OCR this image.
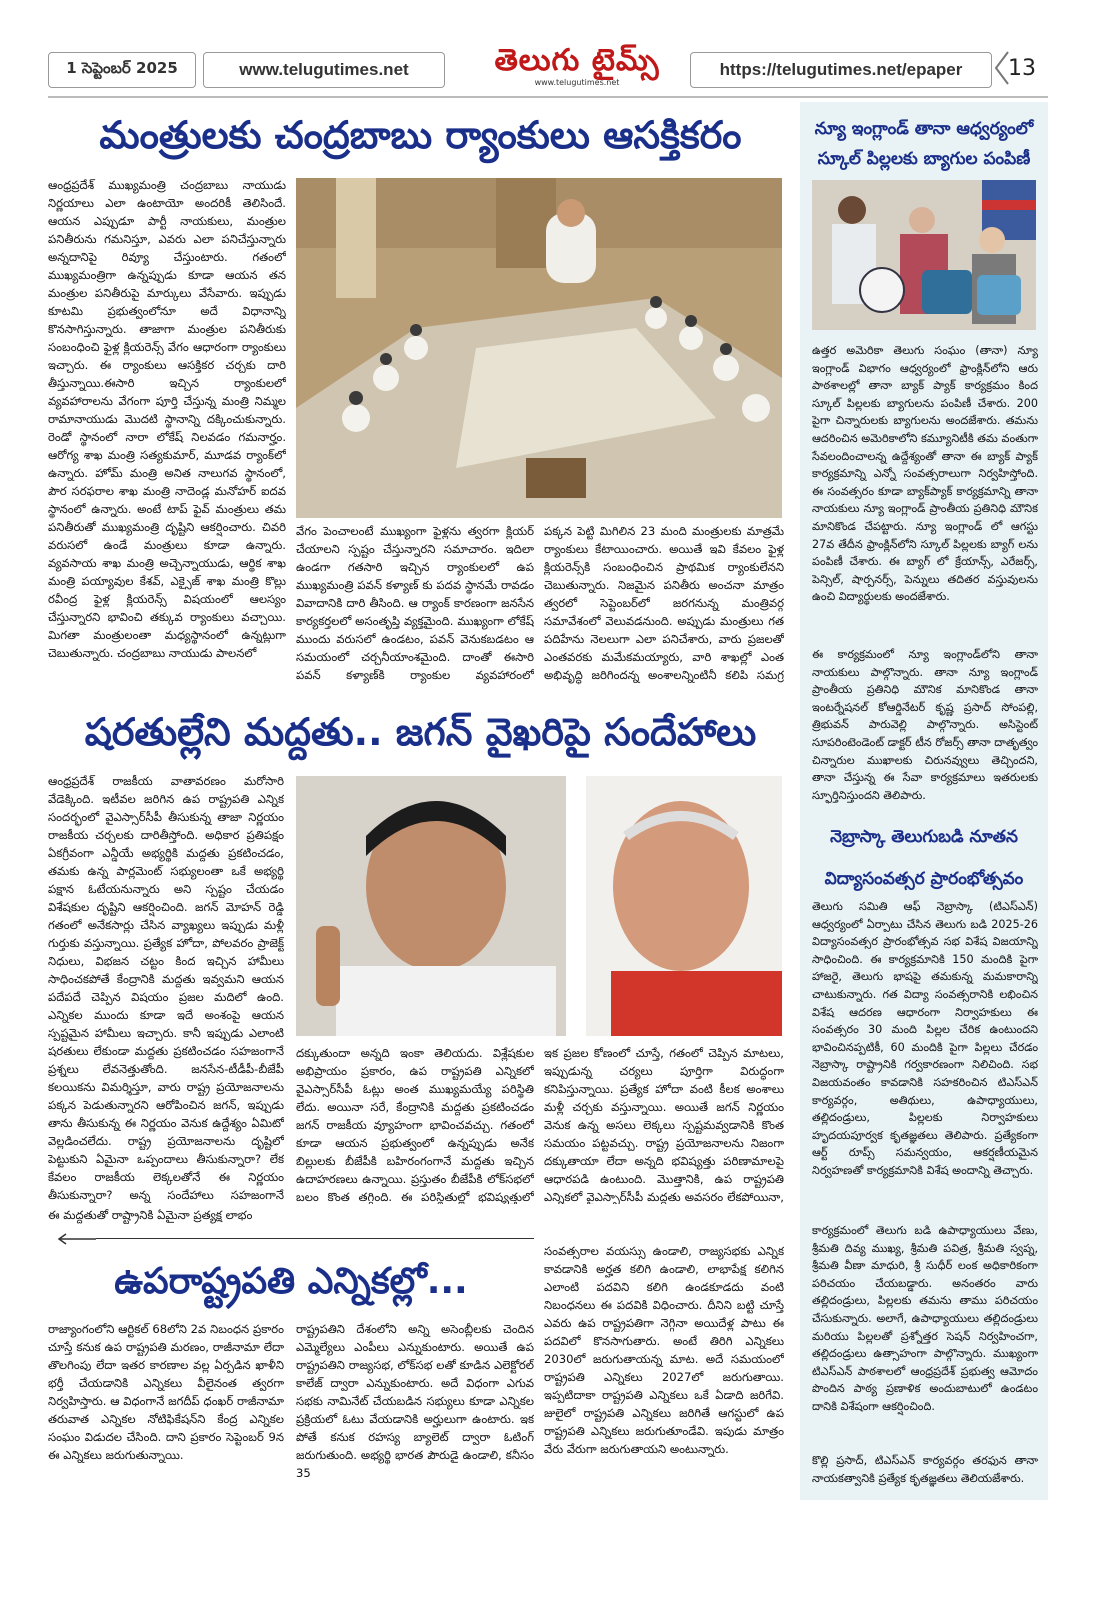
1 సెప్టెంబర్ 2025	www.telugutimes.net	తెలుగు టైమ్స్
www.telugutimes.net
https://telugutimes.net/epaper	13
మంత్రులకు చంద్రబాబు ర్యాంకులు ఆసక్తికరం
ఆంధ్రప్రదేశ్ ముఖ్యమంత్రి చంద్రబాబు నాయుడు నిర్ణయాలు ఎలా ఉంటాయో అందరికీ తెలిసిందే. ఆయన ఎప్పుడూ పార్టీ నాయకులు, మంత్రుల పనితీరును గమనిస్తూ, ఎవరు ఎలా పనిచేస్తున్నారు అన్నదానిపై రివ్యూ చేస్తుంటారు. గతంలో ముఖ్యమంత్రిగా ఉన్నప్పుడు కూడా ఆయన తన మంత్రుల పనితీరుపై మార్కులు వేసేవారు. ఇప్పుడు కూటమి ప్రభుత్వంలోనూ అదే విధానాన్ని కొనసాగిస్తున్నారు. తాజాగా మంత్రుల పనితీరుకు సంబంధించి ఫైళ్ల క్లియరెన్స్ వేగం ఆధారంగా ర్యాంకులు ఇచ్చారు. ఈ ర్యాంకులు ఆసక్తికర చర్చకు దారి తీస్తున్నాయి.ఈసారి ఇచ్చిన ర్యాంకులలో వ్యవహారాలను వేగంగా పూర్తి చేస్తున్న మంత్రి నిమ్మల రామానాయుడు మొదటి స్థానాన్ని దక్కించుకున్నారు. రెండో స్థానంలో నారా లోకేష్ నిలవడం గమనార్హం. ఆరోగ్య శాఖ మంత్రి సత్యకుమార్, మూడవ ర్యాంక్‌లో ఉన్నారు. హోమ్ మంత్రి అనిత నాలుగవ స్థానంలో, పౌర సరఫరాల శాఖ మంత్రి నాదెండ్ల మనోహర్ ఐదవ స్థానంలో ఉన్నారు. అంటే టాప్ ఫైవ్ మంత్రులు తమ పనితీరుతో ముఖ్యమంత్రి దృష్టిని ఆకర్షించారు. చివరి వరుసలో ఉండే మంత్రులు కూడా ఉన్నారు. వ్యవసాయ శాఖ మంత్రి అచ్చెన్నాయుడు, ఆర్థిక శాఖ మంత్రి పయ్యావుల కేశవ్, ఎక్సైజ్ శాఖ మంత్రి కొల్లు రవీంద్ర ఫైళ్ల క్లియరెన్స్ విషయంలో ఆలస్యం చేస్తున్నారని భావించి తక్కువ ర్యాంకులు వచ్చాయి. మిగతా మంత్రులంతా మధ్యస్థానంలో ఉన్నట్లుగా చెబుతున్నారు. చంద్రబాబు నాయుడు పాలనలో
వేగం పెంచాలంటే ముఖ్యంగా ఫైళ్లను త్వరగా క్లియర్ చేయాలని స్పష్టం చేస్తున్నారని సమాచారం. ఇదిలా ఉండగా గతసారి ఇచ్చిన ర్యాంకులలో ఉప ముఖ్యమంత్రి పవన్ కళ్యాణ్ కు పదవ స్థానమే రావడం వివాదానికి దారి తీసింది. ఆ ర్యాంక్ కారణంగా జనసేన కార్యకర్తలలో అసంతృప్తి వ్యక్తమైంది. ముఖ్యంగా లోకేష్ ముందు వరుసలో ఉండటం, పవన్ వెనుకబడటం ఆ సమయంలో చర్చనీయాంశమైంది. దాంతో ఈసారి పవన్ కళ్యాణ్‌కి ర్యాంకుల వ్యవహారంలో
పక్కన పెట్టి మిగిలిన 23 మంది మంత్రులకు మాత్రమే ర్యాంకులు కేటాయించారు. అయితే ఇవి కేవలం ఫైళ్ల క్లియరెన్స్‌కి సంబంధించిన ప్రాథమిక ర్యాంకులేనని చెబుతున్నారు. నిజమైన పనితీరు అంచనా మాత్రం త్వరలో సెప్టెంబర్‌లో జరగనున్న మంత్రివర్గ సమావేశంలో వెలువడనుంది. అప్పుడు మంత్రులు గత పదిహేను నెలలుగా ఎలా పనిచేశారు, వారు ప్రజలతో ఎంతవరకు మమేకమయ్యారు, వారి శాఖల్లో ఎంత అభివృద్ధి జరిగిందన్న అంశాలన్నింటినీ కలిపి సమగ్ర
షరతుల్లేని మద్దతు.. జగన్ వైఖరిపై సందేహాలు
ఆంధ్రప్రదేశ్ రాజకీయ వాతావరణం మరోసారి వేడెక్కింది. ఇటీవల జరిగిన ఉప రాష్ట్రపతి ఎన్నిక సందర్భంలో వైఎస్సార్‌సీపీ తీసుకున్న తాజా నిర్ణయం రాజకీయ చర్చలకు దారితీస్తోంది. అధికార ప్రతిపక్షం ఏకగ్రీవంగా ఎన్డీయే అభ్యర్థికి మద్దతు ప్రకటించడం, తమకు ఉన్న పార్లమెంట్ సభ్యులంతా ఒకే అభ్యర్థి పక్షాన ఓటేయనున్నారు అని స్పష్టం చేయడం విశేషకుల దృష్టిని ఆకర్షించింది. జగన్ మోహన్ రెడ్డి గతంలో అనేకసార్లు చేసిన వ్యాఖ్యలు ఇప్పుడు మళ్లీ గుర్తుకు వస్తున్నాయి. ప్రత్యేక హోదా, పోలవరం ప్రాజెక్ట్ నిధులు, విభజన చట్టం కింద ఇచ్చిన హామీలు సాధించకపోతే కేంద్రానికి మద్దతు ఇవ్వమని ఆయన పదేపదే చెప్పిన విషయం ప్రజల మదిలో ఉంది. ఎన్నికల ముందు కూడా ఇదే అంశంపై ఆయన స్పష్టమైన హామీలు ఇచ్చారు. కానీ ఇప్పుడు ఎలాంటి షరతులు లేకుండా మద్దతు ప్రకటించడం సహజంగానే ప్రశ్నలు లేవనెత్తుతోంది. జనసేన-టీడీపీ-బీజేపీ కలయికను విమర్శిస్తూ, వారు రాష్ట్ర ప్రయోజనాలను పక్కన పెడుతున్నారని ఆరోపించిన జగన్, ఇప్పుడు తాను తీసుకున్న ఈ నిర్ణయం వెనుక ఉద్దేశ్యం ఏమిటో వెల్లడించలేదు. రాష్ట్ర ప్రయోజనాలను దృష్టిలో పెట్టుకుని ఏమైనా ఒప్పందాలు తీసుకున్నారా? లేక కేవలం రాజకీయ లెక్కలతోనే ఈ నిర్ణయం తీసుకున్నారా? అన్న సందేహాలు సహజంగానే
దక్కుతుందా అన్నది ఇంకా తెలియదు. విశ్లేషకుల అభిప్రాయం ప్రకారం, ఉప రాష్ట్రపతి ఎన్నికలో వైఎస్సార్‌సీపీ ఓట్లు అంత ముఖ్యమయ్యే పరిస్థితి లేదు. అయినా సరే, కేంద్రానికి మద్దతు ప్రకటించడం జగన్ రాజకీయ వ్యూహంగా భావించవచ్చు. గతంలో కూడా ఆయన ప్రభుత్వంలో ఉన్నప్పుడు అనేక బిల్లులకు బీజేపీకి బహిరంగంగానే మద్దతు ఇచ్చిన ఉదాహరణలు ఉన్నాయి. ప్రస్తుతం బీజేపీకి లోక్‌సభలో బలం కొంత తగ్గింది. ఈ పరిస్థితుల్లో భవిష్యత్తులో
ఇక ప్రజల కోణంలో చూస్తే, గతంలో చెప్పిన మాటలు, ఇప్పుడున్న చర్యలు పూర్తిగా విరుద్ధంగా కనిపిస్తున్నాయి. ప్రత్యేక హోదా వంటి కీలక అంశాలు మళ్లీ చర్చకు వస్తున్నాయి. అయితే జగన్ నిర్ణయం వెనుక ఉన్న అసలు లెక్కలు స్పష్టమవ్వడానికి కొంత సమయం పట్టవచ్చు. రాష్ట్ర ప్రయోజనాలను నిజంగా దక్కుతాయా లేదా అన్నది భవిష్యత్తు పరిణామాలపై ఆధారపడి ఉంటుంది. మొత్తానికి, ఉప రాష్ట్రపతి ఎన్నికలో వైఎస్సార్‌సీపీ మద్దతు అవసరం లేకపోయినా,
ఈ మద్దతుతో రాష్ట్రానికి ఏమైనా ప్రత్యక్ష లాభం
ఉపరాష్ట్రపతి ఎన్నికల్లో...
రాజ్యాంగంలోని ఆర్టికల్ 68లోని 2వ నిబంధన ప్రకారం చూస్తే కనుక ఉప రాష్ట్రపతి మరణం, రాజీనామా లేదా తొలగింపు లేదా ఇతర కారణాల వల్ల ఏర్పడిన ఖాళీని భర్తీ చేయడానికి ఎన్నికలు వీలైనంత త్వరగా నిర్వహిస్తారు. ఆ విధంగానే జగదీప్ ధంఖర్ రాజీనామా తరువాత ఎన్నికల నోటిఫికేషన్‌ని కేంద్ర ఎన్నికల సంఘం విడుదల చేసింది. దాని ప్రకారం సెప్టెంబర్ 9న ఈ ఎన్నికలు జరుగుతున్నాయి.
రాష్ట్రపతిని దేశంలోని అన్ని అసెంబ్లీలకు చెందిన ఎమ్మెల్యేలు ఎంపీలు ఎన్నుకుంటారు. అయితే ఉప రాష్ట్రపతిని రాజ్యసభ, లోక్‌సభ లతో కూడిన ఎలెక్టోరల్ కాలేజ్ ద్వారా ఎన్నుకుంటారు. అదే విధంగా ఎగువ సభకు నామినేట్ చేయబడిన సభ్యులు కూడా ఎన్నికల ప్రక్రియలో ఓటు వేయడానికి అర్హులుగా ఉంటారు. ఇక పోతే కనుక రహస్య బ్యాలెట్ ద్వారా ఓటింగ్ జరుగుతుంది. అభ్యర్థి భారత పౌరుడై ఉండాలి, కనీసం 35
సంవత్సరాల వయస్సు ఉండాలి, రాజ్యసభకు ఎన్నిక కావడానికి అర్హత కలిగి ఉండాలి, లాభాపేక్ష కలిగిన ఎలాంటి పదవిని కలిగి ఉండకూడదు వంటి నిబంధనలు ఈ పదవికి విధించారు. దీనిని బట్టి చూస్తే ఎవరు ఉప రాష్ట్రపతిగా నెగ్గినా అయిదేళ్ల పాటు ఈ పదవిలో కొనసాగుతారు. అంటే తిరిగి ఎన్నికలు 2030లో జరుగుతాయన్న మాట. అదే సమయంలో రాష్ట్రపతి ఎన్నికలు 2027లో జరుగుతాయి. ఇప్పటిదాకా రాష్ట్రపతి ఎన్నికలు ఒకే ఏడాది జరిగేవి. జులైలో రాష్ట్రపతి ఎన్నికలు జరిగితే ఆగస్టులో ఉప రాష్ట్రపతి ఎన్నికలు జరుగుతూండేవి. ఇపుడు మాత్రం వేరు వేరుగా జరుగుతాయని అంటున్నారు.
న్యూ ఇంగ్లాండ్ తానా ఆధ్వర్యంలో
స్కూల్ పిల్లలకు బ్యాగుల పంపిణీ
ఉత్తర అమెరికా తెలుగు సంఘం (తానా) న్యూ ఇంగ్లాండ్ విభాగం ఆధ్వర్యంలో ఫ్రాంక్లిన్‌లోని ఆరు పాఠశాలల్లో తానా బ్యాక్ ప్యాక్ కార్యక్రమం కింద స్కూల్ పిల్లలకు బ్యాగులను పంపిణీ చేశారు. 200 పైగా చిన్నారులకు బ్యాగులను అందజేశారు. తమను ఆదరించిన అమెరికాలోని కమ్యూనిటీకి తమ వంతుగా సేవలందించాలన్న ఉద్దేశ్యంతో తానా ఈ బ్యాక్ ప్యాక్ కార్యక్రమాన్ని ఎన్నో సంవత్సరాలుగా నిర్వహిస్తోంది. ఈ సంవత్సరం కూడా బ్యాక్‌ప్యాక్ కార్యక్రమాన్ని తానా నాయకులు న్యూ ఇంగ్లాండ్ ప్రాంతీయ ప్రతినిధి మౌనిక మానికొండ చేపట్టారు. న్యూ ఇంగ్లాండ్ లో ఆగస్టు 27వ తేదీన ఫ్రాంక్లిన్‌లోని స్కూల్ పిల్లలకు బ్యాగ్ లను పంపిణీ చేశారు. ఈ బ్యాగ్ లో క్రేయాన్స్, ఎరేజర్స్, పెన్సిల్, షార్పనర్స్, పెన్నులు తదితర వస్తువులను ఉంచి విద్యార్థులకు అందజేశారు.
ఈ కార్యక్రమంలో న్యూ ఇంగ్లాండ్‌లోని తానా నాయకులు పాల్గొన్నారు. తానా న్యూ ఇంగ్లాండ్ ప్రాంతీయ ప్రతినిధి మౌనిక మానికొండ తానా ఇంటర్నేషనల్ కోఆర్డినేటర్ కృష్ణ ప్రసాద్ సోంపల్లి, త్రిభువన్ పారువెల్లి పాల్గొన్నారు. అసిస్టెంట్ సూపరింటెండెంట్ డాక్టర్ టీన రోజర్స్ తానా దాతృత్వం చిన్నారుల ముఖాలకు చిరునవ్వులు తెచ్చిందని, తానా చేస్తున్న ఈ సేవా కార్యక్రమాలు ఇతరులకు స్ఫూర్తినిస్తుందని తెలిపారు.
నెబ్రాస్కా తెలుగుబడి నూతన
విద్యాసంవత్సర ప్రారంభోత్సవం
తెలుగు సమితి ఆఫ్ నెబ్రాస్కా (టిఎస్ఎన్) ఆధ్వర్యంలో ఏర్పాటు చేసిన తెలుగు బడి 2025-26 విద్యాసంవత్సర ప్రారంభోత్సవ సభ విశేష విజయాన్ని సాధించింది. ఈ కార్యక్రమానికి 150 మందికి పైగా హాజరై, తెలుగు భాషపై తమకున్న మమకారాన్ని చాటుకున్నారు. గత విద్యా సంవత్సరానికి లభించిన విశేష ఆదరణ ఆధారంగా నిర్వాహకులు ఈ సంవత్సరం 30 మంది పిల్లల చేరిక ఉంటుందని భావించినప్పటికీ, 60 మందికి పైగా పిల్లలు చేరడం నెబ్రాస్కా రాష్ట్రానికి గర్వకారణంగా నిలిచింది. సభ విజయవంతం కావడానికి సహకరించిన టిఎస్ఎన్ కార్యవర్గం, అతిథులు, ఉపాధ్యాయులు, తల్లిదండ్రులు, పిల్లలకు నిర్వాహకులు హృదయపూర్వక కృతజ్ఞతలు తెలిపారు. ప్రత్యేకంగా ఆర్ట్ రూప్స్ సమన్వయం, ఆకర్షణీయమైన నిర్వహణతో కార్యక్రమానికి విశేష అందాన్ని తెచ్చారు.
కార్యక్రమంలో తెలుగు బడి ఉపాధ్యాయులు వేణు, శ్రీమతి దివ్య ముఖ్య, శ్రీమతి పవిత్ర, శ్రీమతి స్వప్న, శ్రీమతి వీణా మాధురి, శ్రీ సుధీర్ లంక అధికారికంగా పరిచయం చేయబడ్డారు. అనంతరం వారు తల్లిదండ్రులు, పిల్లలకు తమను తాము పరిచయం చేసుకున్నారు. అలాగే, ఉపాధ్యాయులు తల్లిదండ్రులు మరియు పిల్లలతో ప్రశ్నోత్తర సెషన్ నిర్వహించగా, తల్లిదండ్రులు ఉత్సాహంగా పాల్గొన్నారు. ముఖ్యంగా టిఎస్ఎన్ పాఠశాలలో ఆంధ్రప్రదేశ్ ప్రభుత్వ ఆమోదం పొందిన పాఠ్య ప్రణాళిక అందుబాటులో ఉండటం దానికి విశేషంగా ఆకర్షించింది.
కొల్లి ప్రసాద్, టిఎస్ఎన్ కార్యవర్గం తరఫున తానా నాయకత్వానికి ప్రత్యేక కృతజ్ఞతలు తెలియజేశారు.
